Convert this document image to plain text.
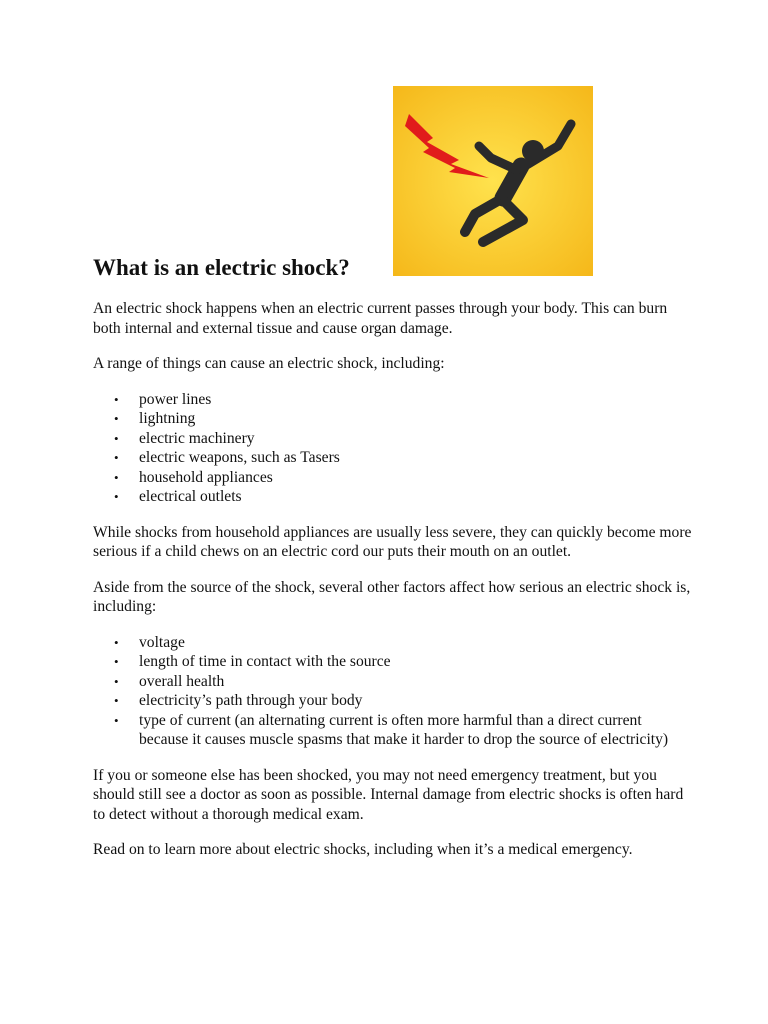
What is an electric shock?

An electric shock happens when an electric current passes through your body. This can burn both internal and external tissue and cause organ damage.

A range of things can cause an electric shock, including:

• power lines
• lightning
• electric machinery
• electric weapons, such as Tasers
• household appliances
• electrical outlets

While shocks from household appliances are usually less severe, they can quickly become more serious if a child chews on an electric cord our puts their mouth on an outlet.

Aside from the source of the shock, several other factors affect how serious an electric shock is, including:

• voltage
• length of time in contact with the source
• overall health
• electricity’s path through your body
• type of current (an alternating current is often more harmful than a direct current because it causes muscle spasms that make it harder to drop the source of electricity)

If you or someone else has been shocked, you may not need emergency treatment, but you should still see a doctor as soon as possible. Internal damage from electric shocks is often hard to detect without a thorough medical exam.

Read on to learn more about electric shocks, including when it’s a medical emergency.
